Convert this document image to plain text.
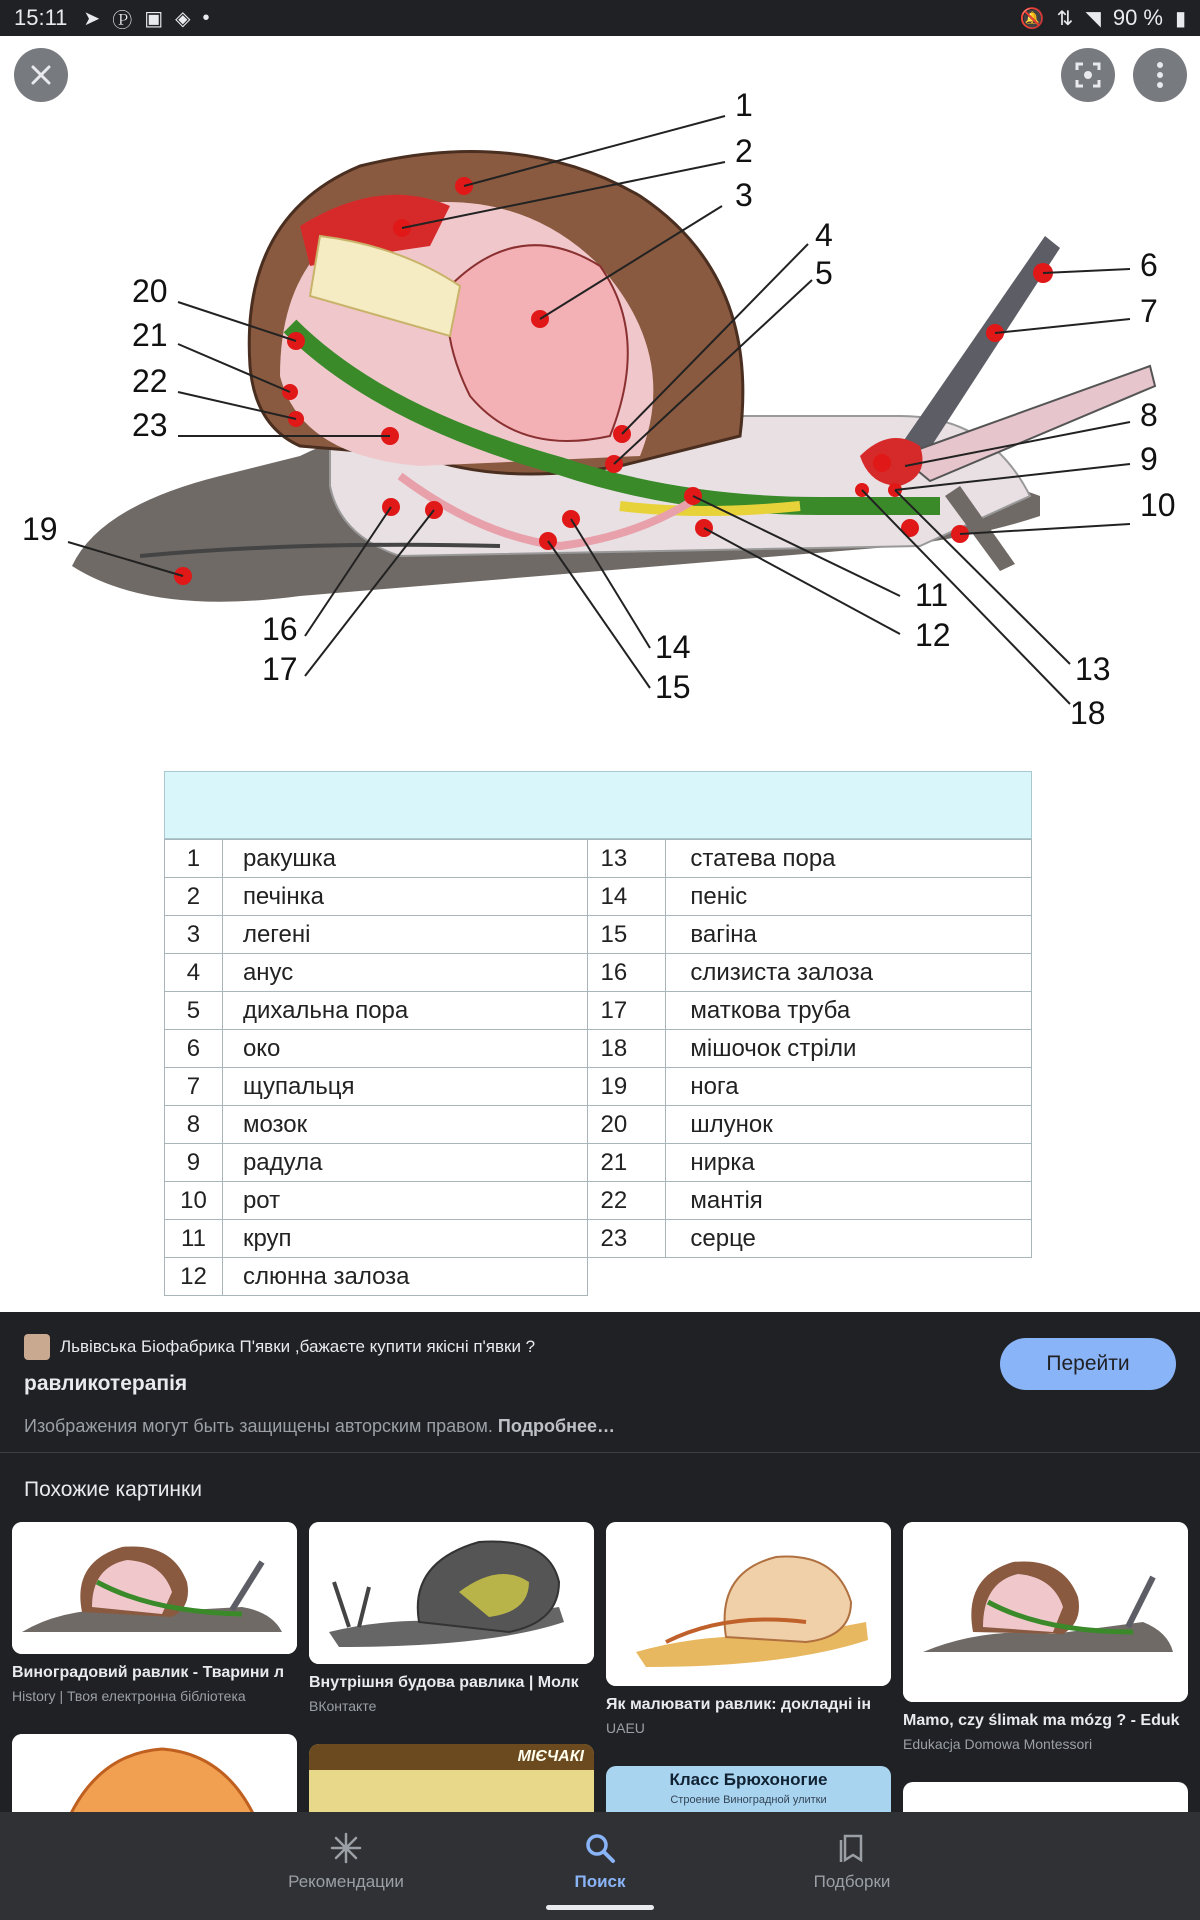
15:11 ➤ Ⓟ ▣ ◈ •	🔕 ⇅ ◥ 90 % ▮
1
2
3
4
5	6
7
8
9
10
11
12
13
14
15
16
17
18
19
20
21
22
23
1	ракушка	13	статева пора
2	печінка	14	пеніс
3	легені	15	вагіна
4	анус	16	слизиста залоза
5	дихальна пора	17	маткова труба
6	око	18	мішочок стріли
7	щупальця	19	нога
8	мозок	20	шлунок
9	радула	21	нирка
10	рот	22	мантія
11	круп	23	серце
12	слюнна залоза		
Львівська Біофабрика П'явки ,бажаєте купити якісні п'явки ?
равликотерапія
Изображения могут быть защищены авторским правом. Подробнее…
Перейти
Похожие картинки
Виноградовий равлик - Тварини л
History | Твоя електронна бібліотека
Внутрішня будова равлика | Молк
ВКонтакте	Як малювати равлик: докладні ін
UAEU	Mamo, czy ślimak ma mózg ? - Eduk
Edukacja Domowa Montessori
МІЄЧАКІ
Класс Брюхоногие
Строение Виноградной улитки
Рекомендации	Поиск	Подборки
